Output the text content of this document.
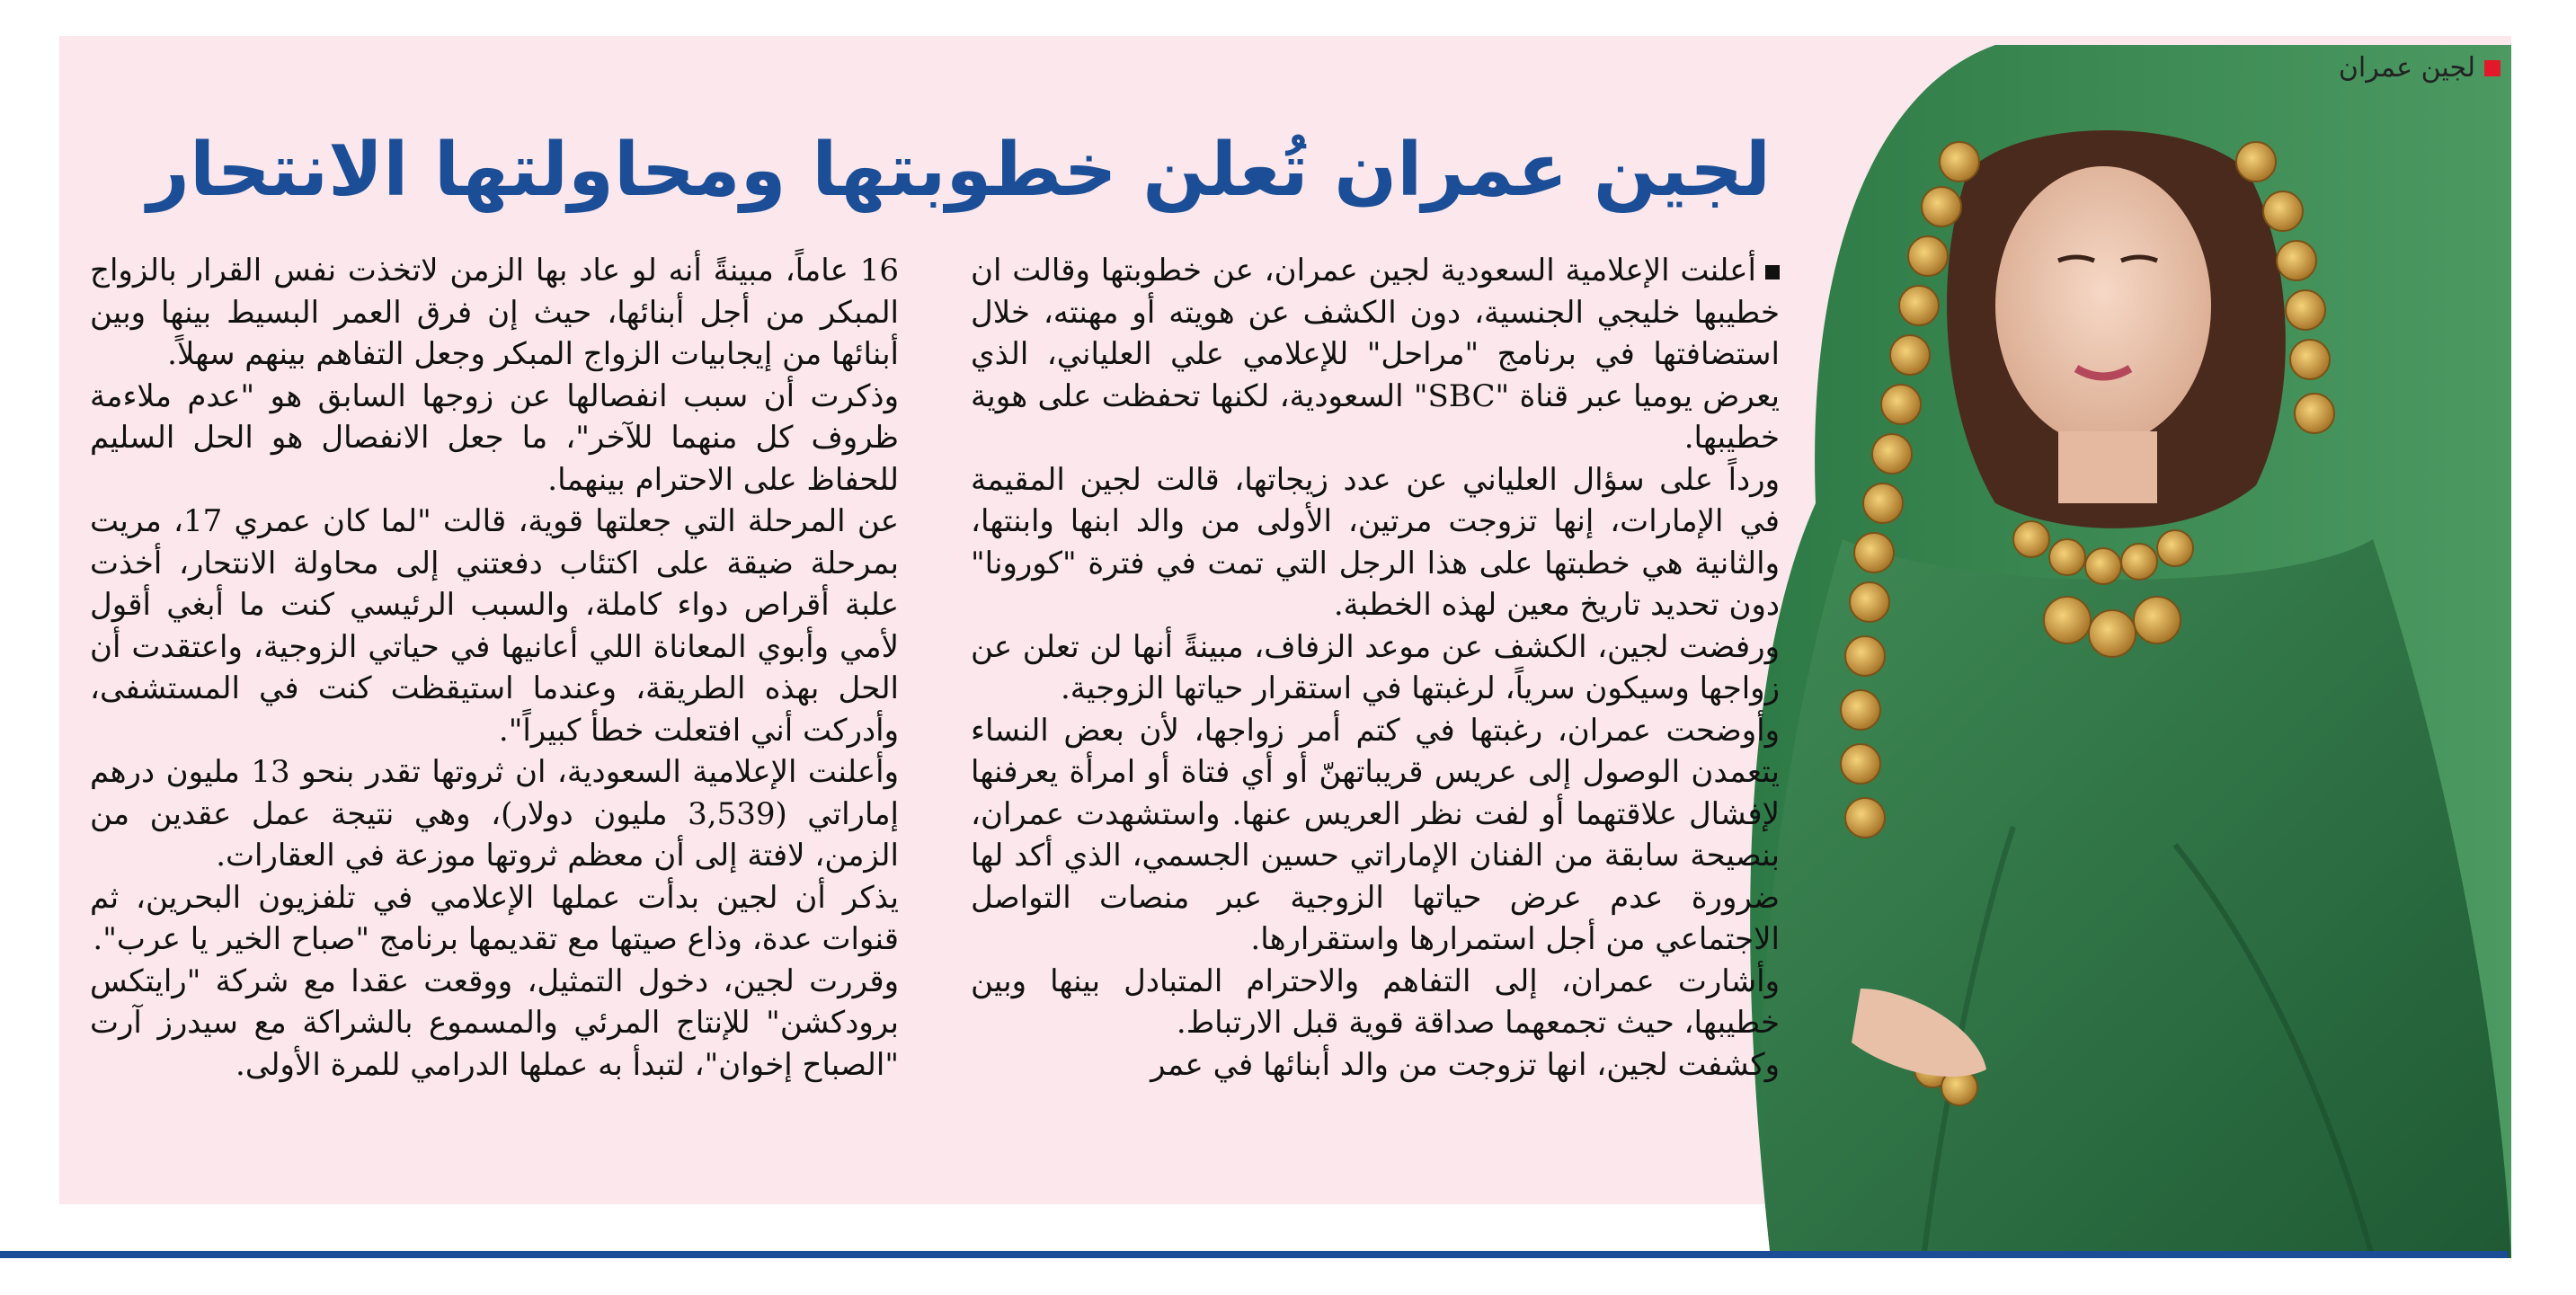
لجين عمران
لجين عمران تُعلن خطوبتها ومحاولتها الانتحار

أعلنت الإعلامية السعودية لجين عمران، عن خطوبتها وقالت ان خطيبها خليجي الجنسية، دون الكشف عن هويته أو مهنته، خلال استضافتها في برنامج "مراحل" للإعلامي علي العلياني، الذي يعرض يوميا عبر قناة "SBC" السعودية، لكنها تحفظت على هوية خطيبها.

ورداً على سؤال العلياني عن عدد زيجاتها، قالت لجين المقيمة في الإمارات، إنها تزوجت مرتين، الأولى من والد ابنها وابنتها، والثانية هي خطبتها على هذا الرجل التي تمت في فترة "كورونا" دون تحديد تاريخ معين لهذه الخطبة.

ورفضت لجين، الكشف عن موعد الزفاف، مبينةً أنها لن تعلن عن زواجها وسيكون سرياً، لرغبتها في استقرار حياتها الزوجية.

وأوضحت عمران، رغبتها في كتم أمر زواجها، لأن بعض النساء يتعمدن الوصول إلى عريس قريباتهنّ أو أي فتاة أو امرأة يعرفنها لإفشال علاقتهما أو لفت نظر العريس عنها. واستشهدت عمران، بنصيحة سابقة من الفنان الإماراتي حسين الجسمي، الذي أكد لها ضرورة عدم عرض حياتها الزوجية عبر منصات التواصل الاجتماعي من أجل استمرارها واستقرارها.

وأشارت عمران، إلى التفاهم والاحترام المتبادل بينها وبين خطيبها، حيث تجمعهما صداقة قوية قبل الارتباط.

وكشفت لجين، انها تزوجت من والد أبنائها في عمر

16 عاماً، مبينةً أنه لو عاد بها الزمن لاتخذت نفس القرار بالزواج المبكر من أجل أبنائها، حيث إن فرق العمر البسيط بينها وبين أبنائها من إيجابيات الزواج المبكر وجعل التفاهم بينهم سهلاً.

وذكرت أن سبب انفصالها عن زوجها السابق هو "عدم ملاءمة ظروف كل منهما للآخر"، ما جعل الانفصال هو الحل السليم للحفاظ على الاحترام بينهما.

عن المرحلة التي جعلتها قوية، قالت "لما كان عمري 17، مريت بمرحلة ضيقة على اكتئاب دفعتني إلى محاولة الانتحار، أخذت علبة أقراص دواء كاملة، والسبب الرئيسي كنت ما أبغي أقول لأمي وأبوي المعاناة اللي أعانيها في حياتي الزوجية، واعتقدت أن الحل بهذه الطريقة، وعندما استيقظت كنت في المستشفى، وأدركت أني افتعلت خطأ كبيراً".

وأعلنت الإعلامية السعودية، ان ثروتها تقدر بنحو 13 مليون درهم إماراتي (3,539 مليون دولار)، وهي نتيجة عمل عقدين من الزمن، لافتة إلى أن معظم ثروتها موزعة في العقارات.

يذكر أن لجين بدأت عملها الإعلامي في تلفزيون البحرين، ثم قنوات عدة، وذاع صيتها مع تقديمها برنامج "صباح الخير يا عرب".

وقررت لجين، دخول التمثيل، ووقعت عقدا مع شركة "رايتكس برودكشن" للإنتاج المرئي والمسموع بالشراكة مع سيدرز آرت "الصباح إخوان"، لتبدأ به عملها الدرامي للمرة الأولى.
